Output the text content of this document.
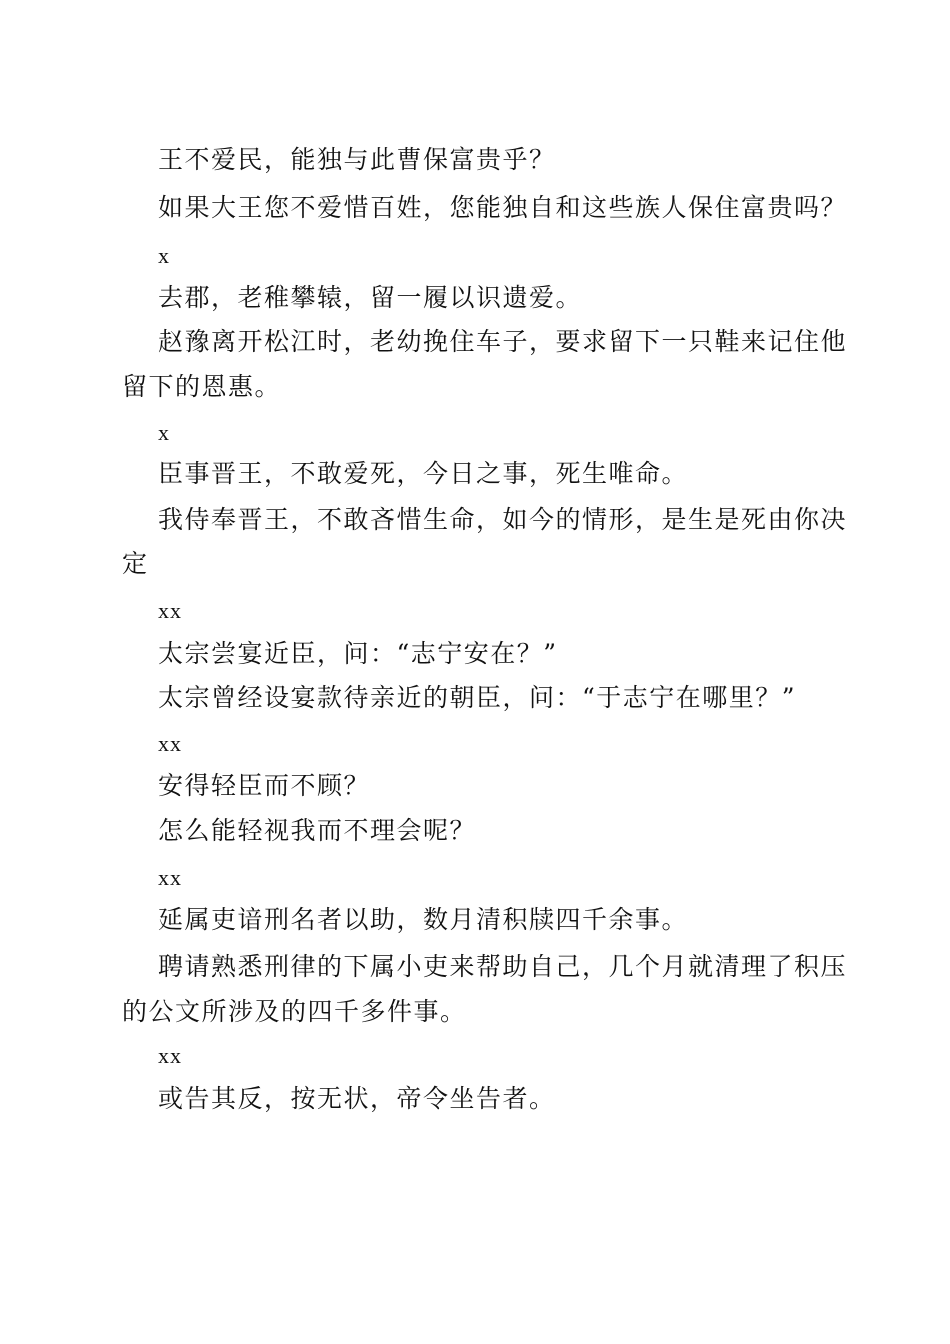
王不爱民，能独与此曹保富贵乎？
如果大王您不爱惜百姓，您能独自和这些族人保住富贵吗？
x
去郡，老稚攀辕，留一履以识遗爱。
赵豫离开松江时，老幼挽住车子，要求留下一只鞋来记住他
留下的恩惠。
x
臣事晋王，不敢爱死，今日之事，死生唯命。
我侍奉晋王，不敢吝惜生命，如今的情形，是生是死由你决
定
xx
太宗尝宴近臣，问：“志宁安在？”
太宗曾经设宴款待亲近的朝臣，问：“于志宁在哪里？”
xx
安得轻臣而不顾？
怎么能轻视我而不理会呢？
xx
延属吏谙刑名者以助，数月清积牍四千余事。
聘请熟悉刑律的下属小吏来帮助自己，几个月就清理了积压
的公文所涉及的四千多件事。
xx
或告其反，按无状，帝令坐告者。
